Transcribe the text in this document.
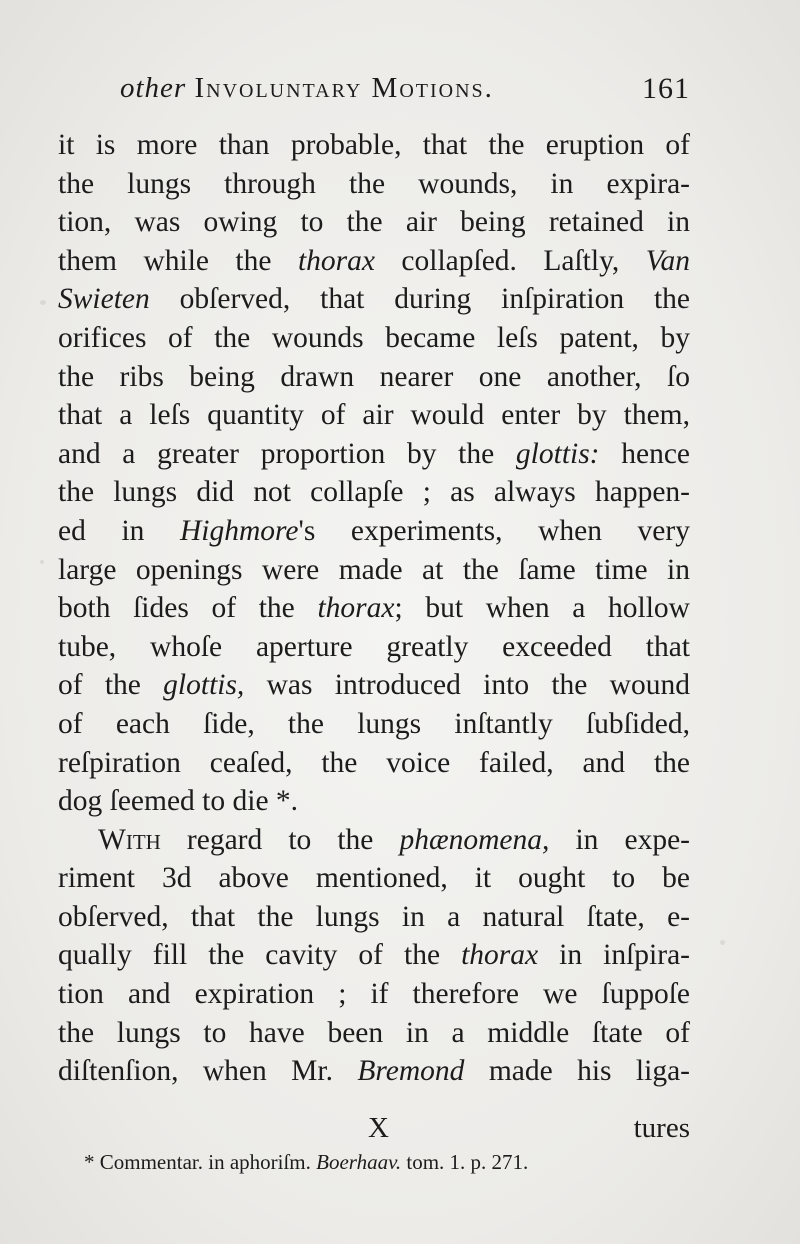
other Involuntary Motions.	161
it is more than probable, that the eruption of
the lungs through the wounds, in expira-
tion, was owing to the air being retained in
them while the thorax collapſed. Laſtly, Van
Swieten obſerved, that during inſpiration the
orifices of the wounds became leſs patent, by
the ribs being drawn nearer one another, ſo
that a leſs quantity of air would enter by them,
and a greater proportion by the glottis: hence
the lungs did not collapſe ; as always happen-
ed in Highmore's experiments, when very
large openings were made at the ſame time in
both ſides of the thorax; but when a hollow
tube, whoſe aperture greatly exceeded that
of the glottis, was introduced into the wound
of each ſide, the lungs inſtantly ſubſided,
reſpiration ceaſed, the voice failed, and the
dog ſeemed to die *.
With regard to the phænomena, in expe-
riment 3d above mentioned, it ought to be
obſerved, that the lungs in a natural ſtate, e-
qually fill the cavity of the thorax in inſpira-
tion and expiration ; if therefore we ſuppoſe
the lungs to have been in a middle ſtate of
diſtenſion, when Mr. Bremond made his liga-
X	tures
* Commentar. in aphoriſm. Boerhaav. tom. 1. p. 271.
